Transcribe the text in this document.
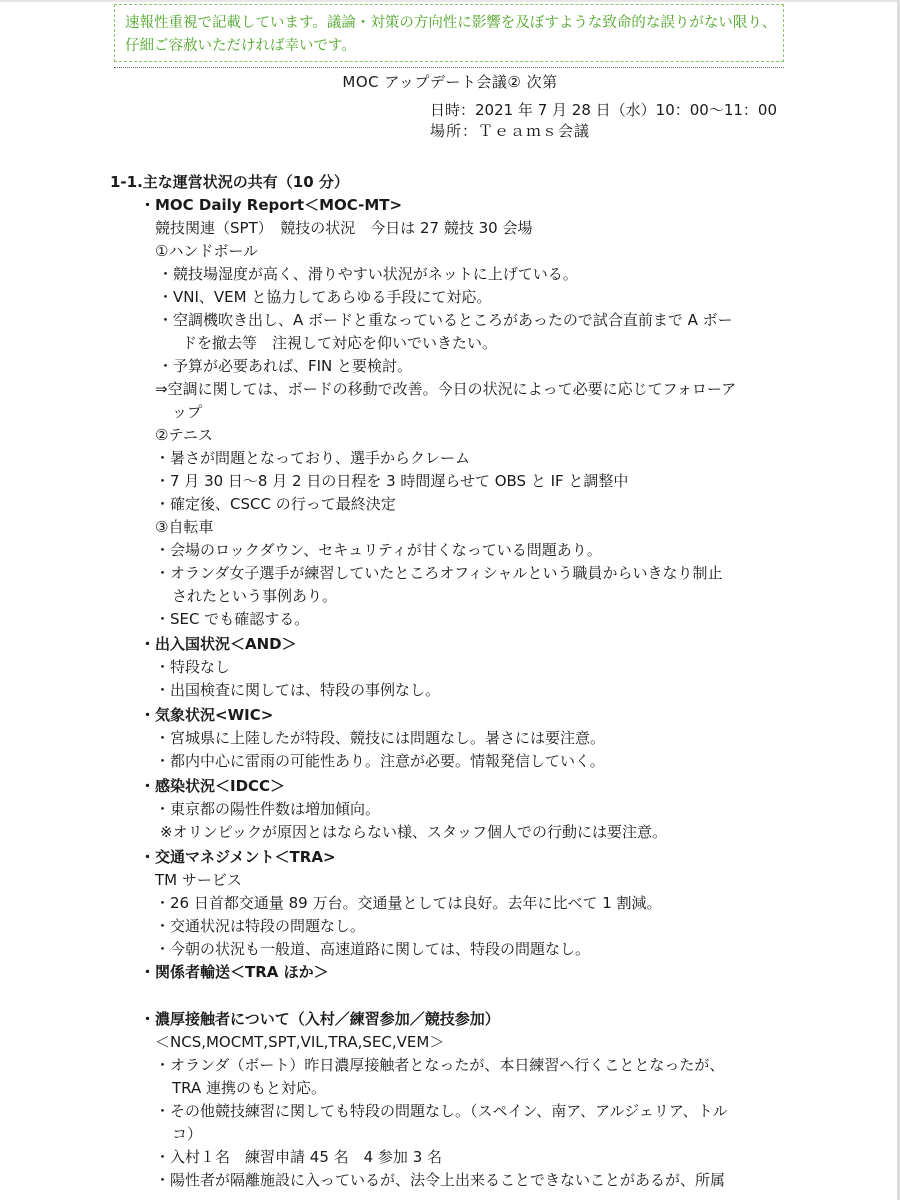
速報性重視で記載しています。議論・対策の方向性に影響を及ぼすような致命的な誤りがない限り、
仔細ご容赦いただければ幸いです。
MOC アップデート会議② 次第
日時：2021 年 7 月 28 日（水）10：00〜11：00
場所：Ｔｅａｍｓ会議
1-1.主な運営状況の共有（10 分）
・MOC Daily Report＜MOC-MT>
競技関連（SPT）　競技の状況　今日は 27 競技 30 会場
①ハンドボール
・競技場湿度が高く、滑りやすい状況がネットに上げている。
・VNI、VEM と協力してあらゆる手段にて対応。
・空調機吹き出し、A ボードと重なっているところがあったので試合直前まで A ボー
ドを撤去等　注視して対応を仰いでいきたい。
・予算が必要あれば、FIN と要検討。
⇒空調に関しては、ボードの移動で改善。今日の状況によって必要に応じてフォローア
ップ
②テニス
・暑さが問題となっており、選手からクレーム
・7 月 30 日〜8 月 2 日の日程を 3 時間遅らせて OBS と IF と調整中
・確定後、CSCC の行って最終決定
③自転車
・会場のロックダウン、セキュリティが甘くなっている問題あり。
・オランダ女子選手が練習していたところオフィシャルという職員からいきなり制止
されたという事例あり。
・SEC でも確認する。
・出入国状況＜AND＞
・特段なし
・出国検査に関しては、特段の事例なし。
・気象状況<WIC>
・宮城県に上陸したが特段、競技には問題なし。暑さには要注意。
・都内中心に雷雨の可能性あり。注意が必要。情報発信していく。
・感染状況＜IDCC＞
・東京都の陽性件数は増加傾向。
※オリンピックが原因とはならない様、スタッフ個人での行動には要注意。
・交通マネジメント＜TRA>
TM サービス
・26 日首都交通量 89 万台。交通量としては良好。去年に比べて 1 割減。
・交通状況は特段の問題なし。
・今朝の状況も一般道、高速道路に関しては、特段の問題なし。
・関係者輸送＜TRA ほか＞
・濃厚接触者について（入村／練習参加／競技参加）
＜NCS,MOCMT,SPT,VIL,TRA,SEC,VEM＞
・オランダ（ボート）昨日濃厚接触者となったが、本日練習へ行くこととなったが、
TRA 連携のもと対応。
・その他競技練習に関しても特段の問題なし。（スペイン、南ア、アルジェリア、トル
コ）
・入村１名　練習申請 45 名　4 参加 3 名
・陽性者が隔離施設に入っているが、法令上出来ることできないことがあるが、所属
